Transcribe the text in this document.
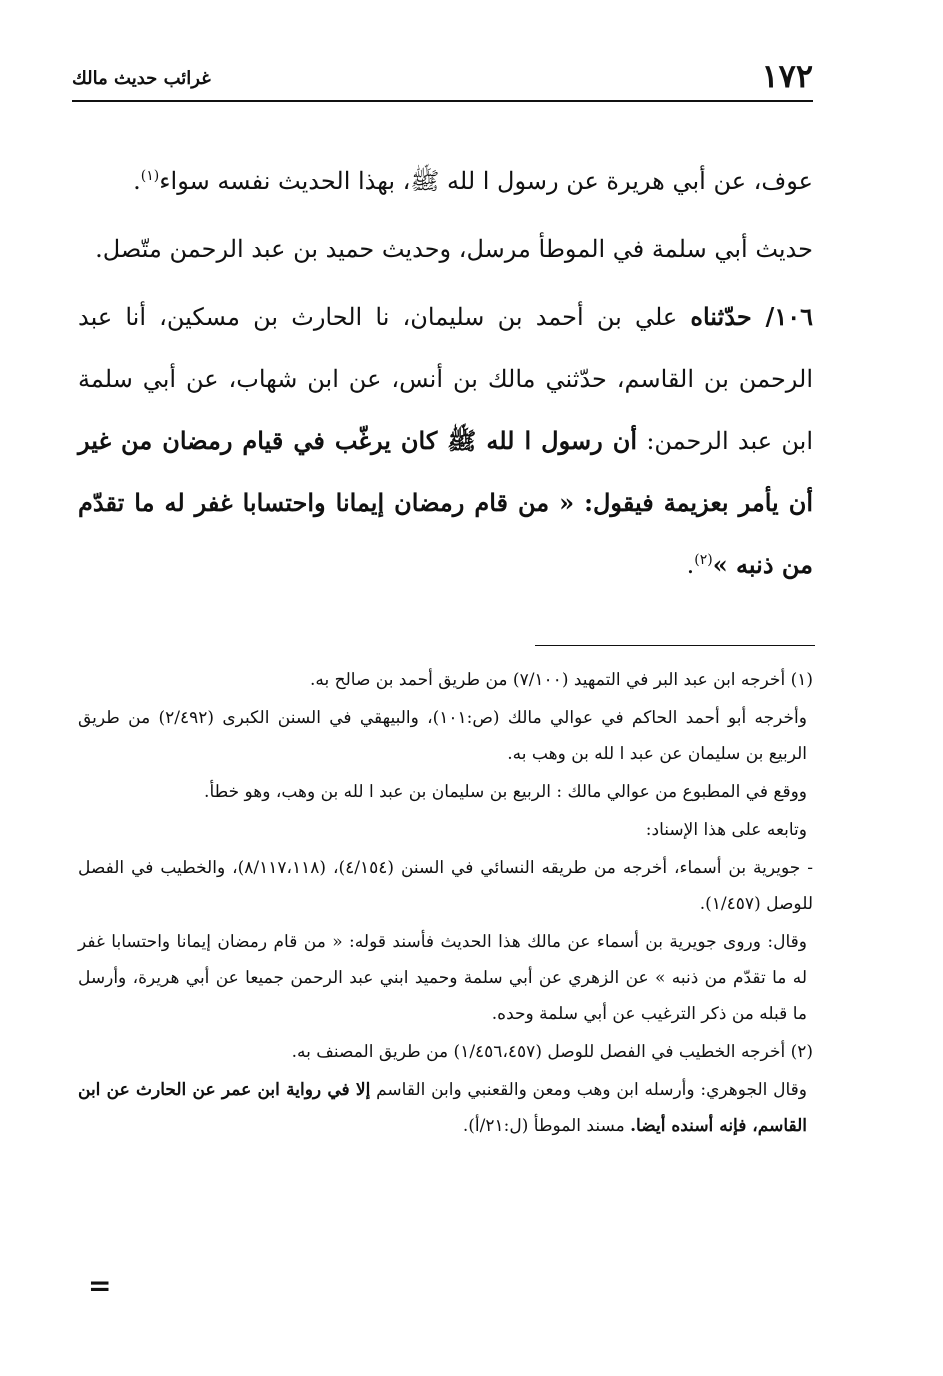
١٧٢
غرائب حديث مالك

عوف، عن أبي هريرة عن رسول ا لله ﷺ، بهذا الحديث نفسه سواء$^{(١)}$.

حديث أبي سلمة في الموطأ مرسل، وحديث حميد بن عبد الرحمن متّصل.

١٠٦/ حدّثناه علي بن أحمد بن سليمان، نا الحارث بن مسكين، أنا عبد الرحمن بن القاسم، حدّثني مالك بن أنس، عن ابن شهاب، عن أبي سلمة ابن عبد الرحمن: أن رسول ا لله ﷺ كان يرغّب في قيام رمضان من غير أن يأمر بعزيمة فيقول: « من قام رمضان إيمانا واحتسابا غفر له ما تقدّم من ذنبه »$^{(٢)}$.

(١) أخرجه ابن عبد البر في التمهيد (٧/١٠٠) من طريق أحمد بن صالح به.

وأخرجه أبو أحمد الحاكم في عوالي مالك (ص:١٠١)، والبيهقي في السنن الكبرى (٢/٤٩٢) من طريق الربيع بن سليمان عن عبد ا لله بن وهب به.

ووقع في المطبوع من عوالي مالك : الربيع بن سليمان بن عبد ا لله بن وهب، وهو خطأ.

وتابعه على هذا الإسناد:

- جويرية بن أسماء، أخرجه من طريقه النسائي في السنن (٤/١٥٤)، (٨/١١٧،١١٨)، والخطيب في الفصل للوصل (١/٤٥٧).

وقال: وروى جويرية بن أسماء عن مالك هذا الحديث فأسند قوله: « من قام رمضان إيمانا واحتسابا غفر له ما تقدّم من ذنبه » عن الزهري عن أبي سلمة وحميد ابني عبد الرحمن جميعا عن أبي هريرة، وأرسل ما قبله من ذكر الترغيب عن أبي سلمة وحده.

(٢) أخرجه الخطيب في الفصل للوصل (١/٤٥٦،٤٥٧) من طريق المصنف به.

وقال الجوهري: وأرسله ابن وهب ومعن والقعنبي وابن القاسم إلا في رواية ابن عمر عن الحارث عن ابن القاسم، فإنه أسنده أيضا. مسند الموطأ (ل:٢١/أ).

=
